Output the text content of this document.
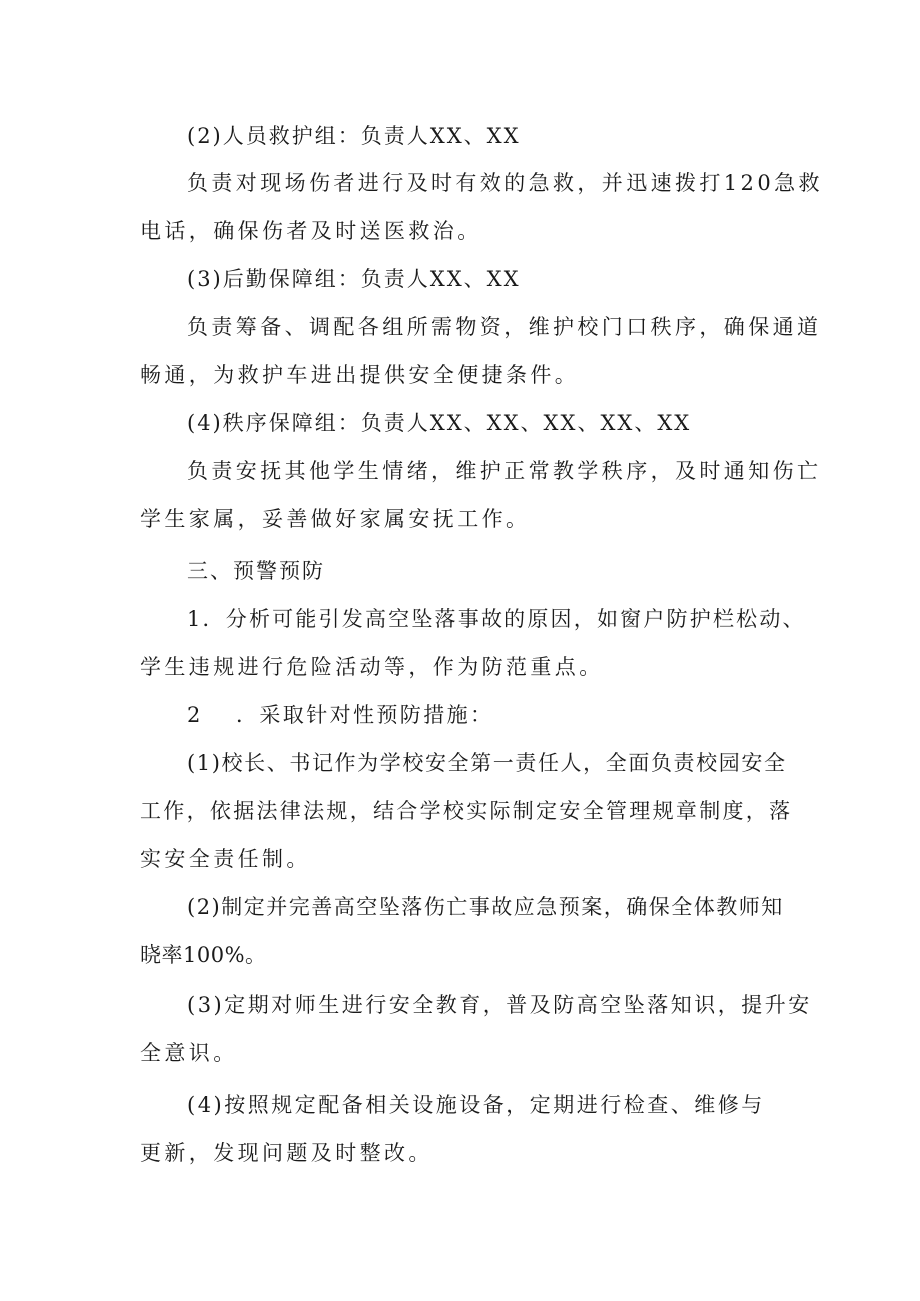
(2)人员救护组：负责人XX、XX
负责对现场伤者进行及时有效的急救，并迅速拨打120急救
电话，确保伤者及时送医救治。
(3)后勤保障组：负责人XX、XX
负责筹备、调配各组所需物资，维护校门口秩序，确保通道
畅通，为救护车进出提供安全便捷条件。
(4)秩序保障组：负责人XX、XX、XX、XX、XX
负责安抚其他学生情绪，维护正常教学秩序，及时通知伤亡
学生家属，妥善做好家属安抚工作。
三、预警预防
1．分析可能引发高空坠落事故的原因，如窗户防护栏松动、
学生违规进行危险活动等，作为防范重点。
2 ．采取针对性预防措施：
(1)校长、书记作为学校安全第一责任人，全面负责校园安全
工作，依据法律法规，结合学校实际制定安全管理规章制度，落
实安全责任制。
(2)制定并完善高空坠落伤亡事故应急预案，确保全体教师知
晓率100%。
(3)定期对师生进行安全教育，普及防高空坠落知识，提升安
全意识。
(4)按照规定配备相关设施设备，定期进行检查、维修与
更新，发现问题及时整改。
